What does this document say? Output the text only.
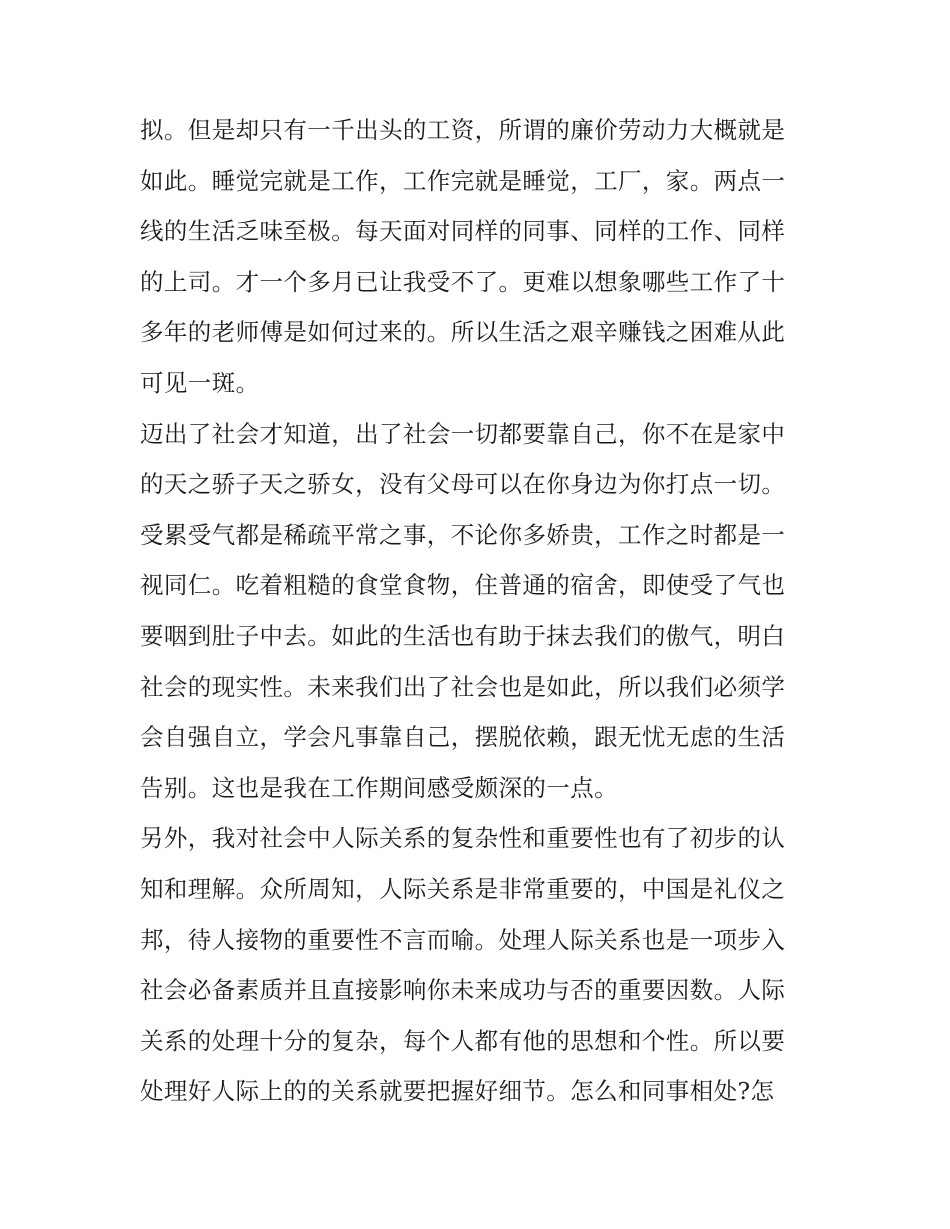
拟。但是却只有一千出头的工资，所谓的廉价劳动力大概就是
如此。睡觉完就是工作，工作完就是睡觉，工厂，家。两点一
线的生活乏味至极。每天面对同样的同事、同样的工作、同样
的上司。才一个多月已让我受不了。更难以想象哪些工作了十
多年的老师傅是如何过来的。所以生活之艰辛赚钱之困难从此
可见一斑。
迈出了社会才知道，出了社会一切都要靠自己，你不在是家中
的天之骄子天之骄女，没有父母可以在你身边为你打点一切。
受累受气都是稀疏平常之事，不论你多娇贵，工作之时都是一
视同仁。吃着粗糙的食堂食物，住普通的宿舍，即使受了气也
要咽到肚子中去。如此的生活也有助于抹去我们的傲气，明白
社会的现实性。未来我们出了社会也是如此，所以我们必须学
会自强自立，学会凡事靠自己，摆脱依赖，跟无忧无虑的生活
告别。这也是我在工作期间感受颇深的一点。
另外，我对社会中人际关系的复杂性和重要性也有了初步的认
知和理解。众所周知，人际关系是非常重要的，中国是礼仪之
邦，待人接物的重要性不言而喻。处理人际关系也是一项步入
社会必备素质并且直接影响你未来成功与否的重要因数。人际
关系的处理十分的复杂，每个人都有他的思想和个性。所以要
处理好人际上的的关系就要把握好细节。怎么和同事相处?怎
